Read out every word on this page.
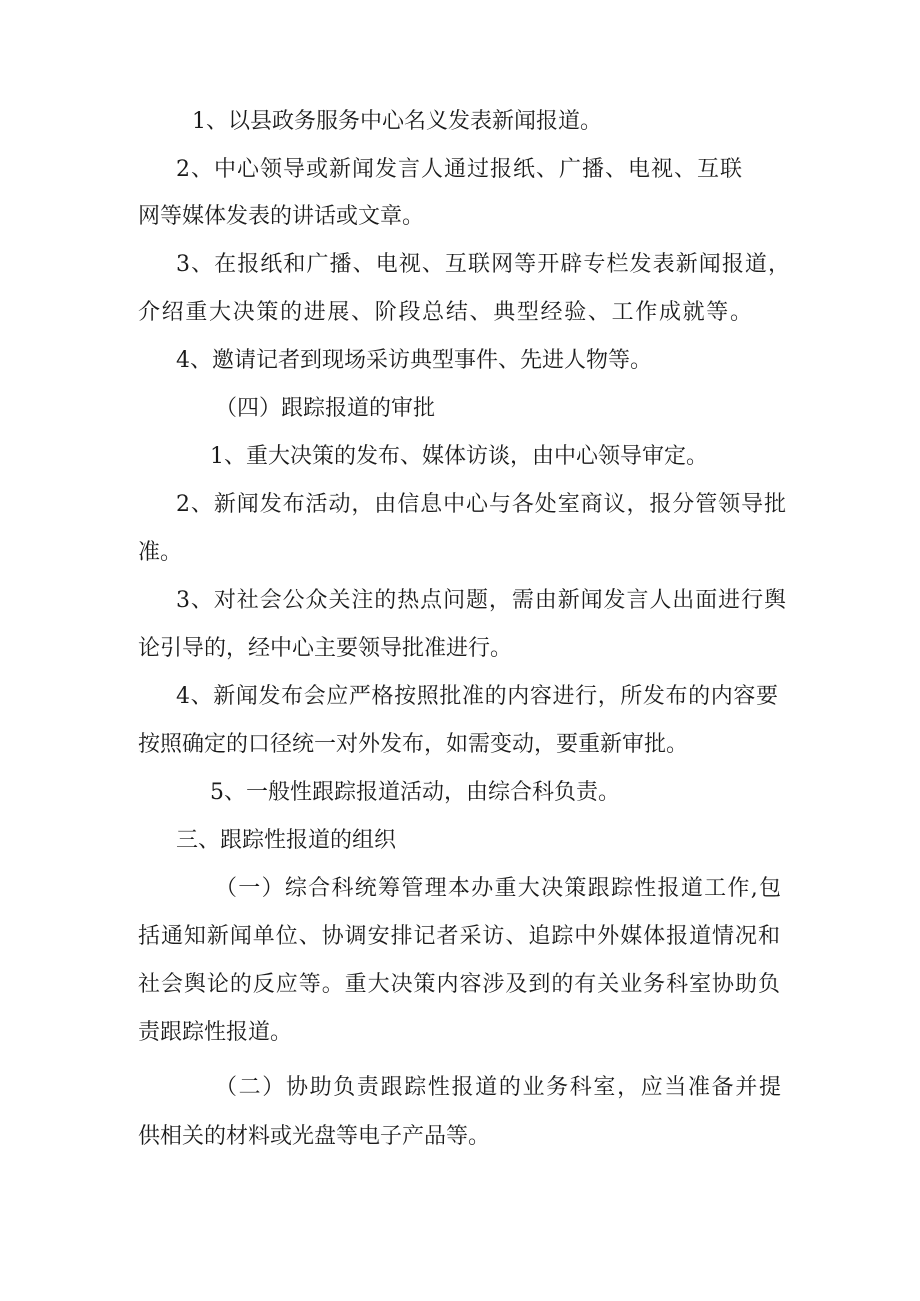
1、以县政务服务中心名义发表新闻报道。

2、中心领导或新闻发言人通过报纸、广播、电视、互联

网等媒体发表的讲话或文章。

3、在报纸和广播、电视、互联网等开辟专栏发表新闻报道，

介绍重大决策的进展、阶段总结、典型经验、工作成就等。

4、邀请记者到现场采访典型事件、先进人物等。

（四）跟踪报道的审批

1、重大决策的发布、媒体访谈，由中心领导审定。

2、新闻发布活动，由信息中心与各处室商议，报分管领导批

准。

3、对社会公众关注的热点问题，需由新闻发言人出面进行舆

论引导的，经中心主要领导批准进行。

4、新闻发布会应严格按照批准的内容进行，所发布的内容要

按照确定的口径统一对外发布，如需变动，要重新审批。

5、一般性跟踪报道活动，由综合科负责。

三、跟踪性报道的组织

（一）综合科统筹管理本办重大决策跟踪性报道工作,包

括通知新闻单位、协调安排记者采访、追踪中外媒体报道情况和

社会舆论的反应等。重大决策内容涉及到的有关业务科室协助负

责跟踪性报道。

（二）协助负责跟踪性报道的业务科室，应当准备并提

供相关的材料或光盘等电子产品等。
